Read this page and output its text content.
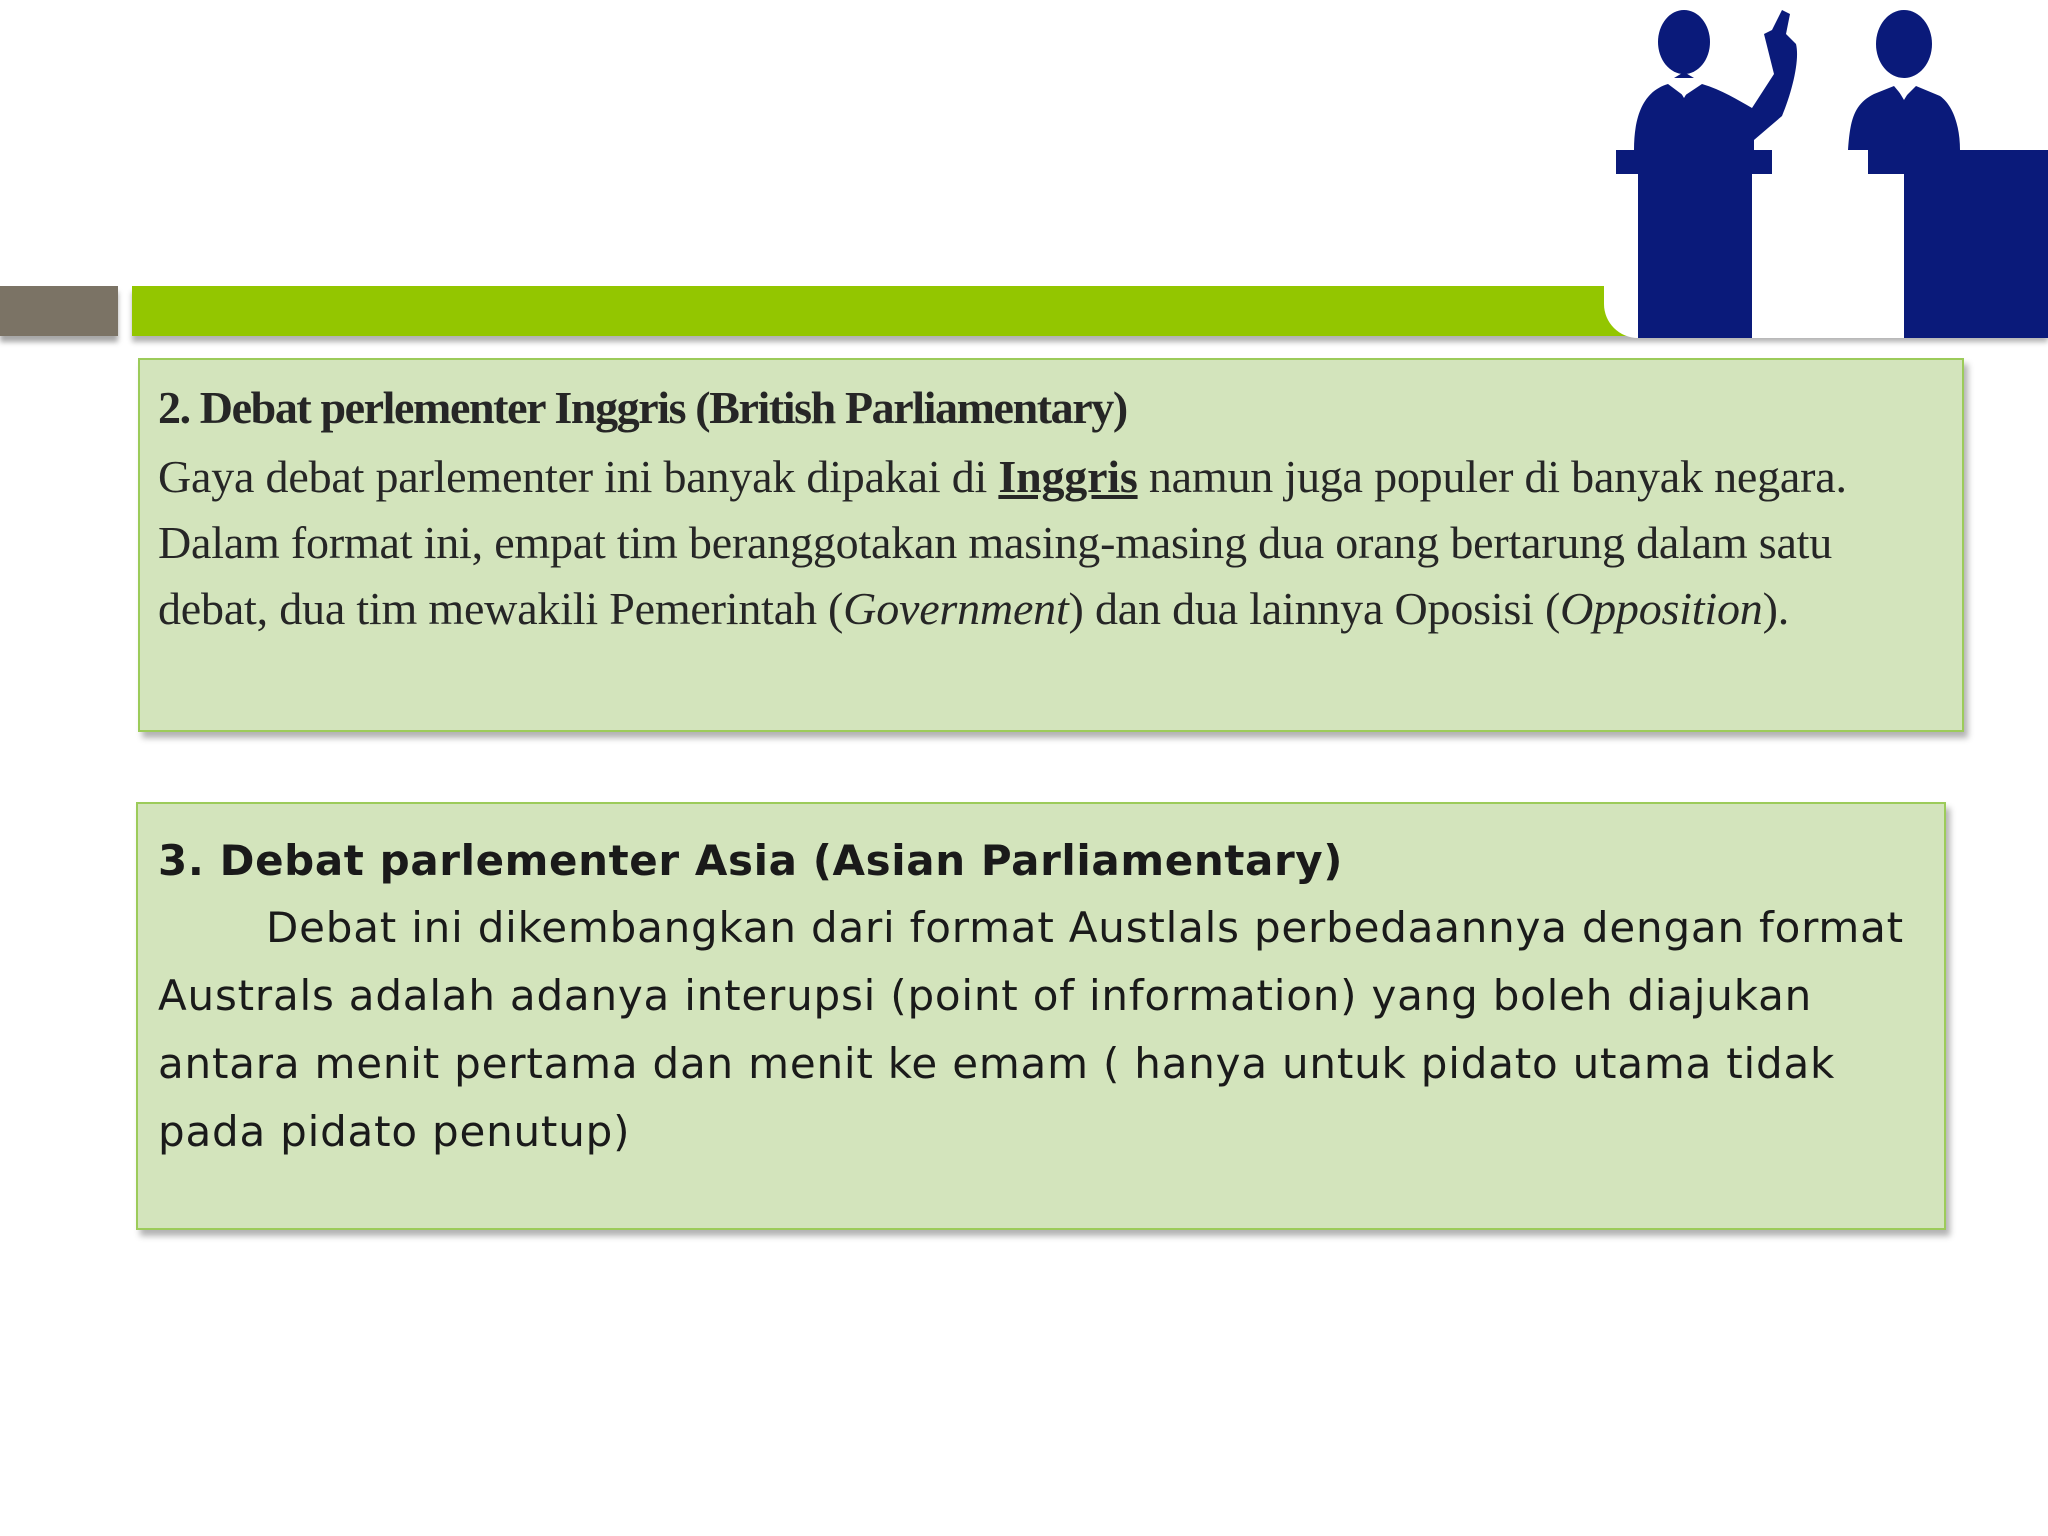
2. Debat perlementer Inggris (British Parliamentary)

Gaya debat parlementer ini banyak dipakai di Inggris namun juga populer di banyak negara. Dalam format ini, empat tim beranggotakan masing-masing dua orang bertarung dalam satu debat, dua tim mewakili Pemerintah (Government) dan dua lainnya Oposisi (Opposition).

3. Debat parlementer Asia (Asian Parliamentary)

Debat ini dikembangkan dari format Austlals perbedaannya dengan format Australs adalah adanya interupsi (point of information) yang boleh diajukan antara menit pertama dan menit ke emam ( hanya untuk pidato utama tidak pada pidato penutup)
